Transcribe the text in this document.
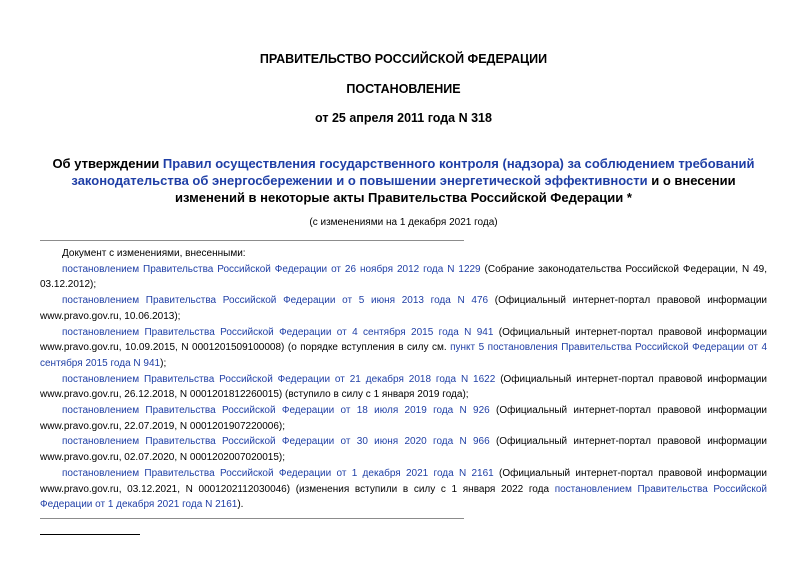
ПРАВИТЕЛЬСТВО РОССИЙСКОЙ ФЕДЕРАЦИИ
ПОСТАНОВЛЕНИЕ
от 25 апреля 2011 года N 318
Об утверждении Правил осуществления государственного контроля (надзора) за соблюдением требований законодательства об энергосбережении и о повышении энергетической эффективности и о внесении изменений в некоторые акты Правительства Российской Федерации *
(с изменениями на 1 декабря 2021 года)

Документ с изменениями, внесенными:

постановлением Правительства Российской Федерации от 26 ноября 2012 года N 1229 (Собрание законодательства Российской Федерации, N 49, 03.12.2012);

постановлением Правительства Российской Федерации от 5 июня 2013 года N 476 (Официальный интернет-портал правовой информации www.pravo.gov.ru, 10.06.2013);

постановлением Правительства Российской Федерации от 4 сентября 2015 года N 941 (Официальный интернет-портал правовой информации www.pravo.gov.ru, 10.09.2015, N 0001201509100008) (о порядке вступления в силу см. пункт 5 постановления Правительства Российской Федерации от 4 сентября 2015 года N 941);

постановлением Правительства Российской Федерации от 21 декабря 2018 года N 1622 (Официальный интернет-портал правовой информации www.pravo.gov.ru, 26.12.2018, N 0001201812260015) (вступило в силу с 1 января 2019 года);

постановлением Правительства Российской Федерации от 18 июля 2019 года N 926 (Официальный интернет-портал правовой информации www.pravo.gov.ru, 22.07.2019, N 0001201907220006);

постановлением Правительства Российской Федерации от 30 июня 2020 года N 966 (Официальный интернет-портал правовой информации www.pravo.gov.ru, 02.07.2020, N 0001202007020015);

постановлением Правительства Российской Федерации от 1 декабря 2021 года N 2161 (Официальный интернет-портал правовой информации www.pravo.gov.ru, 03.12.2021, N 0001202112030046) (изменения вступили в силу с 1 января 2022 года постановлением Правительства Российской Федерации от 1 декабря 2021 года N 2161).
